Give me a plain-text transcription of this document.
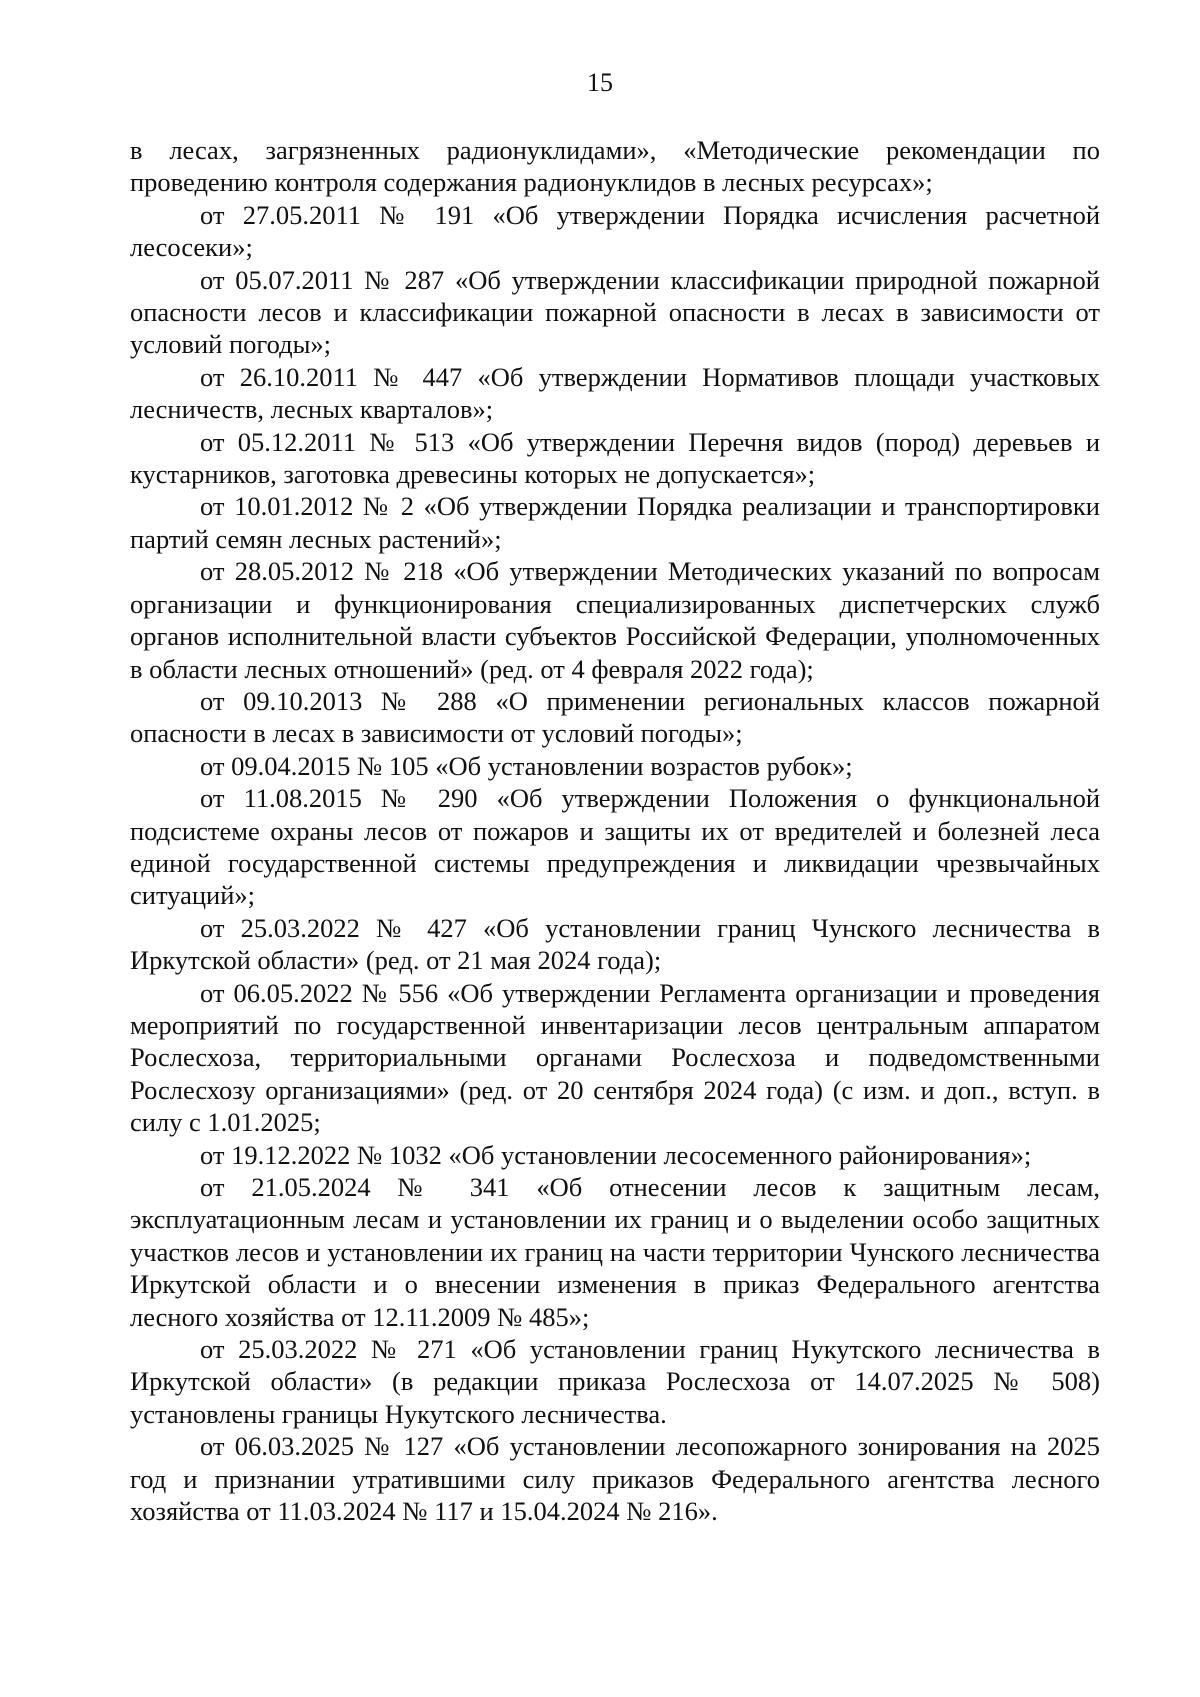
15

в лесах, загрязненных радионуклидами», «Методические рекомендации по проведению контроля содержания радионуклидов в лесных ресурсах»;

от 27.05.2011 № 191 «Об утверждении Порядка исчисления расчетной лесосеки»;

от 05.07.2011 № 287 «Об утверждении классификации природной пожарной опасности лесов и классификации пожарной опасности в лесах в зависимости от условий погоды»;

от 26.10.2011 № 447 «Об утверждении Нормативов площади участковых лесничеств, лесных кварталов»;

от 05.12.2011 № 513 «Об утверждении Перечня видов (пород) деревьев и кустарников, заготовка древесины которых не допускается»;

от 10.01.2012 № 2 «Об утверждении Порядка реализации и транспортировки партий семян лесных растений»;

от 28.05.2012 № 218 «Об утверждении Методических указаний по вопросам организации и функционирования специализированных диспетчерских служб органов исполнительной власти субъектов Российской Федерации, уполномоченных в области лесных отношений» (ред. от 4 февраля 2022 года);

от 09.10.2013 № 288 «О применении региональных классов пожарной опасности в лесах в зависимости от условий погоды»;

от 09.04.2015 № 105 «Об установлении возрастов рубок»;

от 11.08.2015 № 290 «Об утверждении Положения о функциональной подсистеме охраны лесов от пожаров и защиты их от вредителей и болезней леса единой государственной системы предупреждения и ликвидации чрезвычайных ситуаций»;

от 25.03.2022 № 427 «Об установлении границ Чунского лесничества в Иркутской области» (ред. от 21 мая 2024 года);

от 06.05.2022 № 556 «Об утверждении Регламента организации и проведения мероприятий по государственной инвентаризации лесов центральным аппаратом Рослесхоза, территориальными органами Рослесхоза и подведомственными Рослесхозу организациями» (ред. от 20 сентября 2024 года) (с изм. и доп., вступ. в силу с 1.01.2025;

от 19.12.2022 № 1032 «Об установлении лесосеменного районирования»;

от 21.05.2024 № 341 «Об отнесении лесов к защитным лесам, эксплуатационным лесам и установлении их границ и о выделении особо защитных участков лесов и установлении их границ на части территории Чунского лесничества Иркутской области и о внесении изменения в приказ Федерального агентства лесного хозяйства от 12.11.2009 № 485»;

от 25.03.2022 № 271 «Об установлении границ Нукутского лесничества в Иркутской области» (в редакции приказа Рослесхоза от 14.07.2025 № 508) установлены границы Нукутского лесничества.

от 06.03.2025 № 127 «Об установлении лесопожарного зонирования на 2025 год и признании утратившими силу приказов Федерального агентства лесного хозяйства от 11.03.2024 № 117 и 15.04.2024 № 216».
